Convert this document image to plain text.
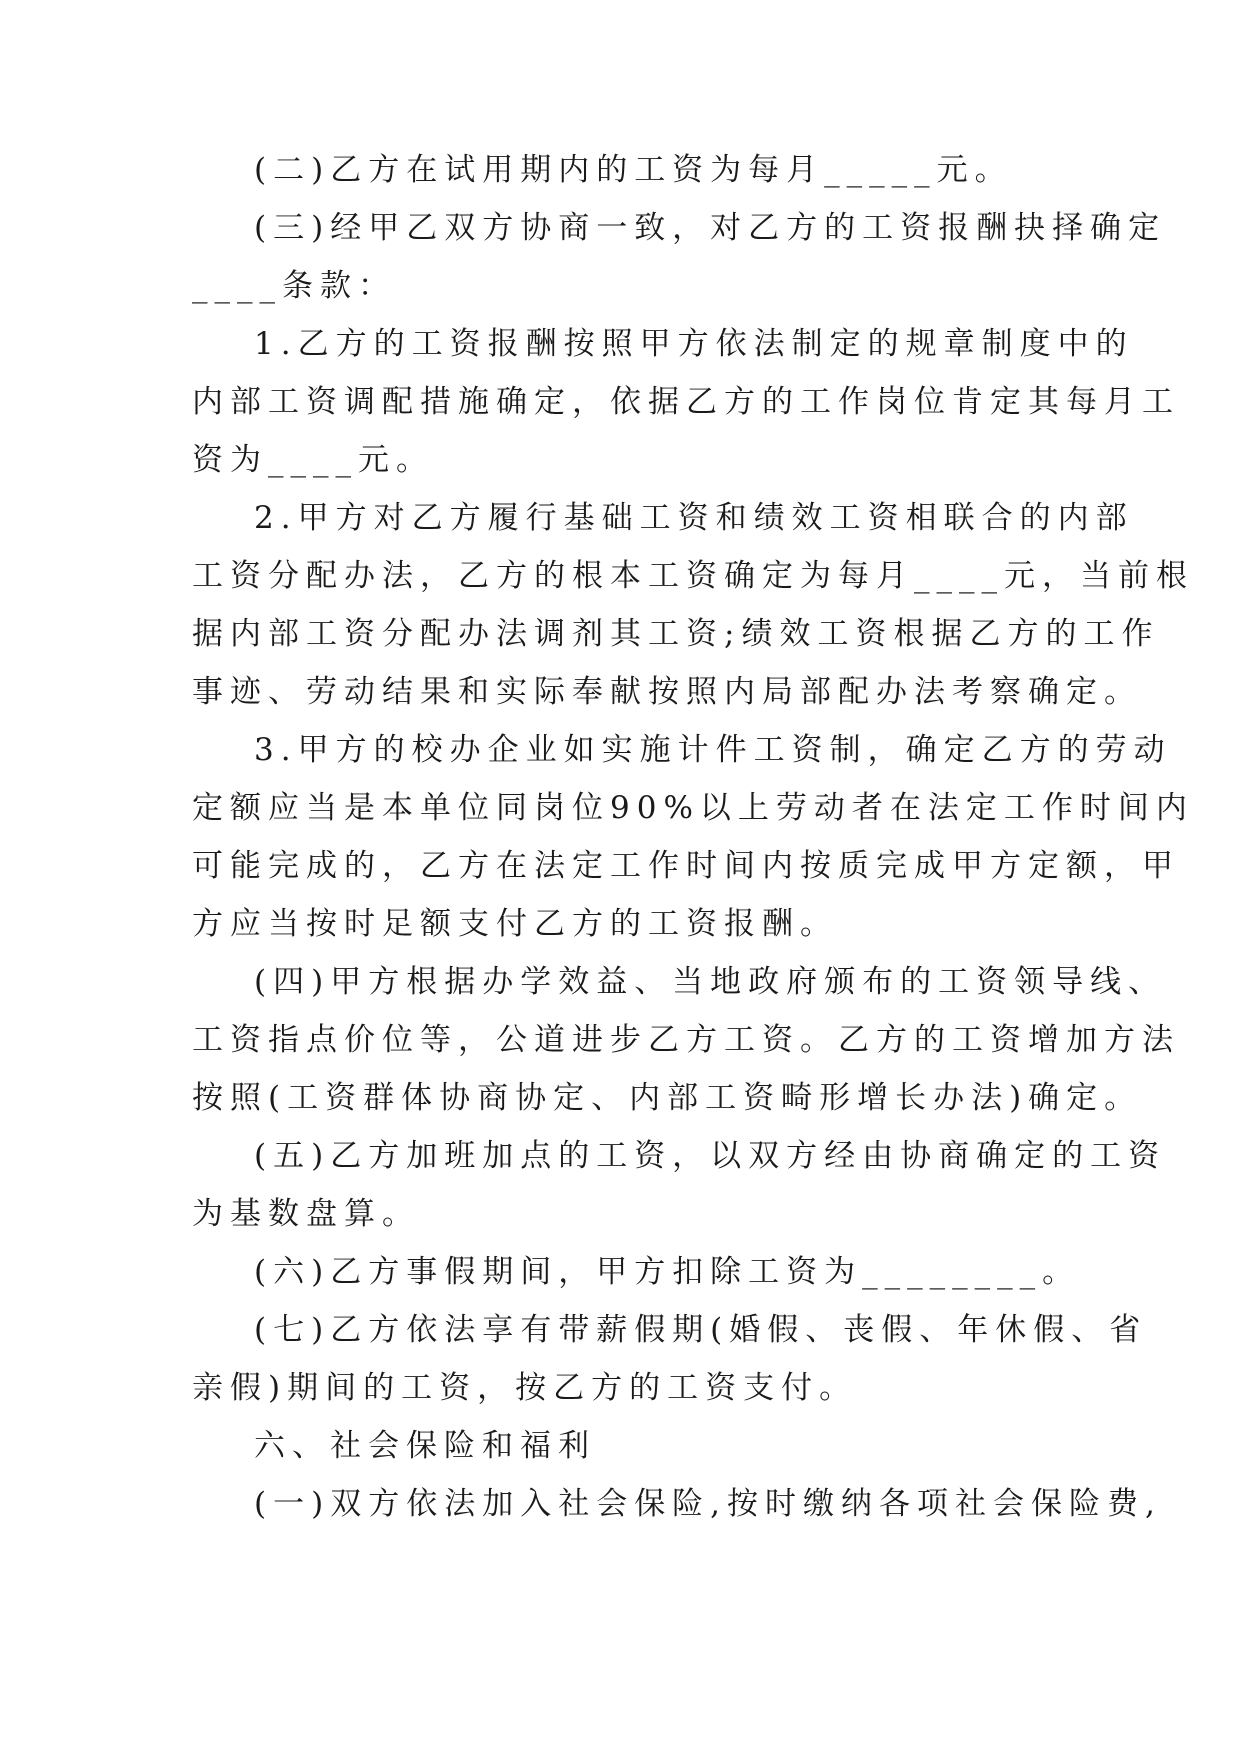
(二)乙方在试用期内的工资为每月_____元。
(三)经甲乙双方协商一致，对乙方的工资报酬抉择确定
____条款：
1.乙方的工资报酬按照甲方依法制定的规章制度中的
内部工资调配措施确定，依据乙方的工作岗位肯定其每月工
资为____元。
2.甲方对乙方履行基础工资和绩效工资相联合的内部
工资分配办法，乙方的根本工资确定为每月____元，当前根
据内部工资分配办法调剂其工资;绩效工资根据乙方的工作
事迹、劳动结果和实际奉献按照内局部配办法考察确定。
3.甲方的校办企业如实施计件工资制，确定乙方的劳动
定额应当是本单位同岗位90%以上劳动者在法定工作时间内
可能完成的，乙方在法定工作时间内按质完成甲方定额，甲
方应当按时足额支付乙方的工资报酬。
(四)甲方根据办学效益、当地政府颁布的工资领导线、
工资指点价位等，公道进步乙方工资。乙方的工资增加方法
按照(工资群体协商协定、内部工资畸形增长办法)确定。
(五)乙方加班加点的工资，以双方经由协商确定的工资
为基数盘算。
(六)乙方事假期间，甲方扣除工资为________。
(七)乙方依法享有带薪假期(婚假、丧假、年休假、省
亲假)期间的工资，按乙方的工资支付。
六、社会保险和福利
(一)双方依法加入社会保险,按时缴纳各项社会保险费,
